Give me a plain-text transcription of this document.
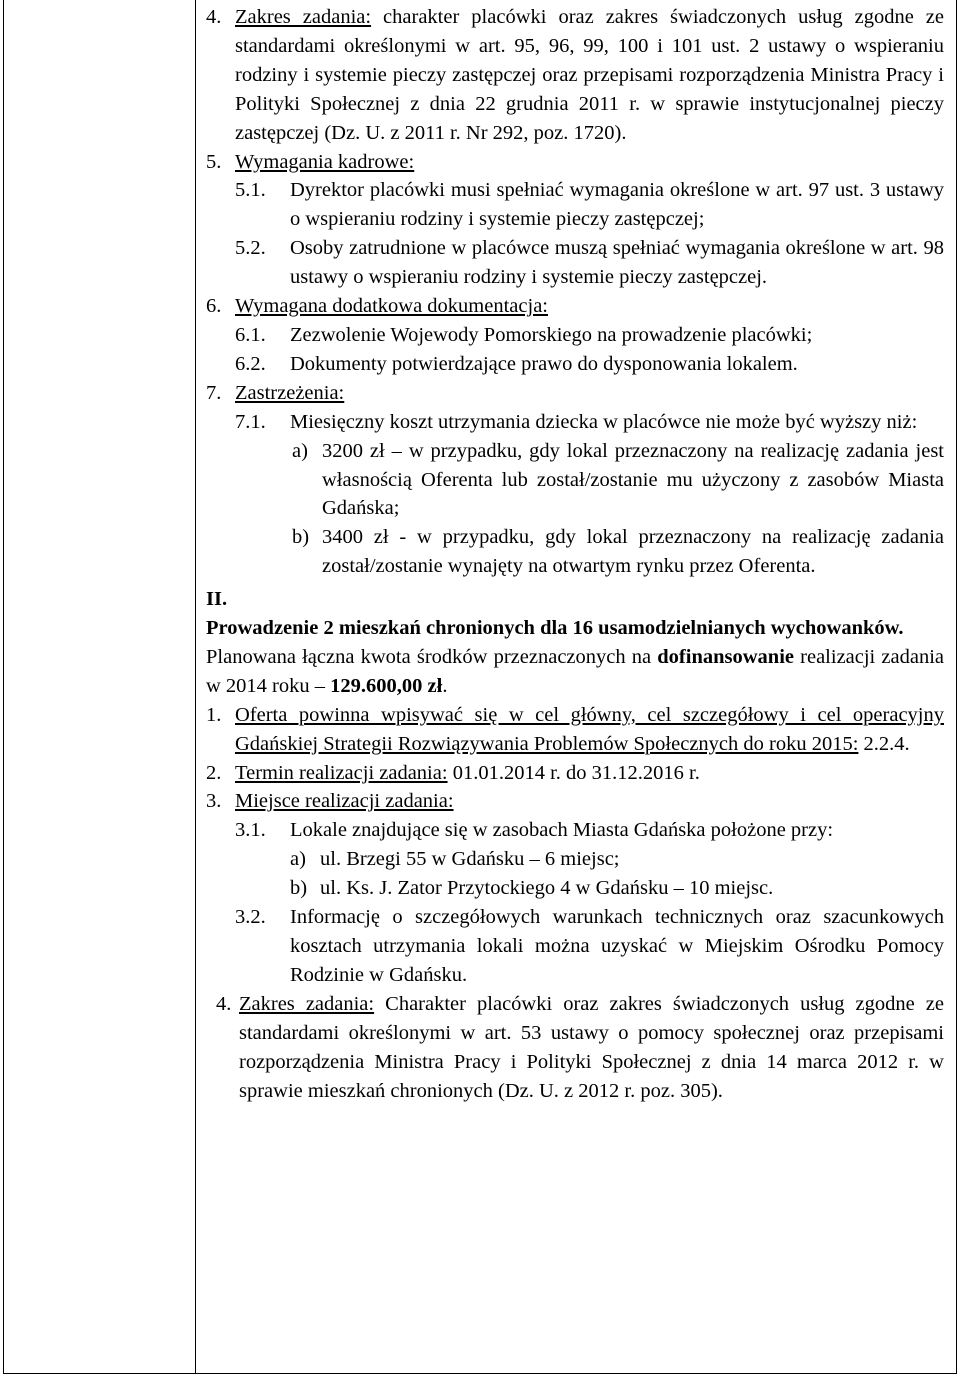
4. Zakres zadania: charakter placówki oraz zakres świadczonych usług zgodne ze standardami określonymi w art. 95, 96, 99, 100 i 101 ust. 2 ustawy o wspieraniu rodziny i systemie pieczy zastępczej oraz przepisami rozporządzenia Ministra Pracy i Polityki Społecznej z dnia 22 grudnia 2011 r. w sprawie instytucjonalnej pieczy zastępczej (Dz. U. z 2011 r. Nr 292, poz. 1720).

5. Wymagania kadrowe:

5.1. Dyrektor placówki musi spełniać wymagania określone w art. 97 ust. 3 ustawy o wspieraniu rodziny i systemie pieczy zastępczej;

5.2. Osoby zatrudnione w placówce muszą spełniać wymagania określone w art. 98 ustawy o wspieraniu rodziny i systemie pieczy zastępczej.

6. Wymagana dodatkowa dokumentacja:

6.1. Zezwolenie Wojewody Pomorskiego na prowadzenie placówki;

6.2. Dokumenty potwierdzające prawo do dysponowania lokalem.

7. Zastrzeżenia:

7.1. Miesięczny koszt utrzymania dziecka w placówce nie może być wyższy niż:

a) 3200 zł – w przypadku, gdy lokal przeznaczony na realizację zadania jest własnością Oferenta lub został/zostanie mu użyczony z zasobów Miasta Gdańska;

b) 3400 zł - w przypadku, gdy lokal przeznaczony na realizację zadania został/zostanie wynajęty na otwartym rynku przez Oferenta.

II.

Prowadzenie 2 mieszkań chronionych dla 16 usamodzielnianych wychowanków.

Planowana łączna kwota środków przeznaczonych na dofinansowanie realizacji zadania w 2014 roku – 129.600,00 zł.

1. Oferta powinna wpisywać się w cel główny, cel szczegółowy i cel operacyjny Gdańskiej Strategii Rozwiązywania Problemów Społecznych do roku 2015: 2.2.4.

2. Termin realizacji zadania: 01.01.2014 r. do 31.12.2016 r.

3. Miejsce realizacji zadania:

3.1. Lokale znajdujące się w zasobach Miasta Gdańska położone przy:

a) ul. Brzegi 55 w Gdańsku – 6 miejsc;

b) ul. Ks. J. Zator Przytockiego 4 w Gdańsku – 10 miejsc.

3.2. Informację o szczegółowych warunkach technicznych oraz szacunkowych kosztach utrzymania lokali można uzyskać w Miejskim Ośrodku Pomocy Rodzinie w Gdańsku.

4. Zakres zadania: Charakter placówki oraz zakres świadczonych usług zgodne ze standardami określonymi w art. 53 ustawy o pomocy społecznej oraz przepisami rozporządzenia Ministra Pracy i Polityki Społecznej z dnia 14 marca 2012 r. w sprawie mieszkań chronionych (Dz. U. z 2012 r. poz. 305).
